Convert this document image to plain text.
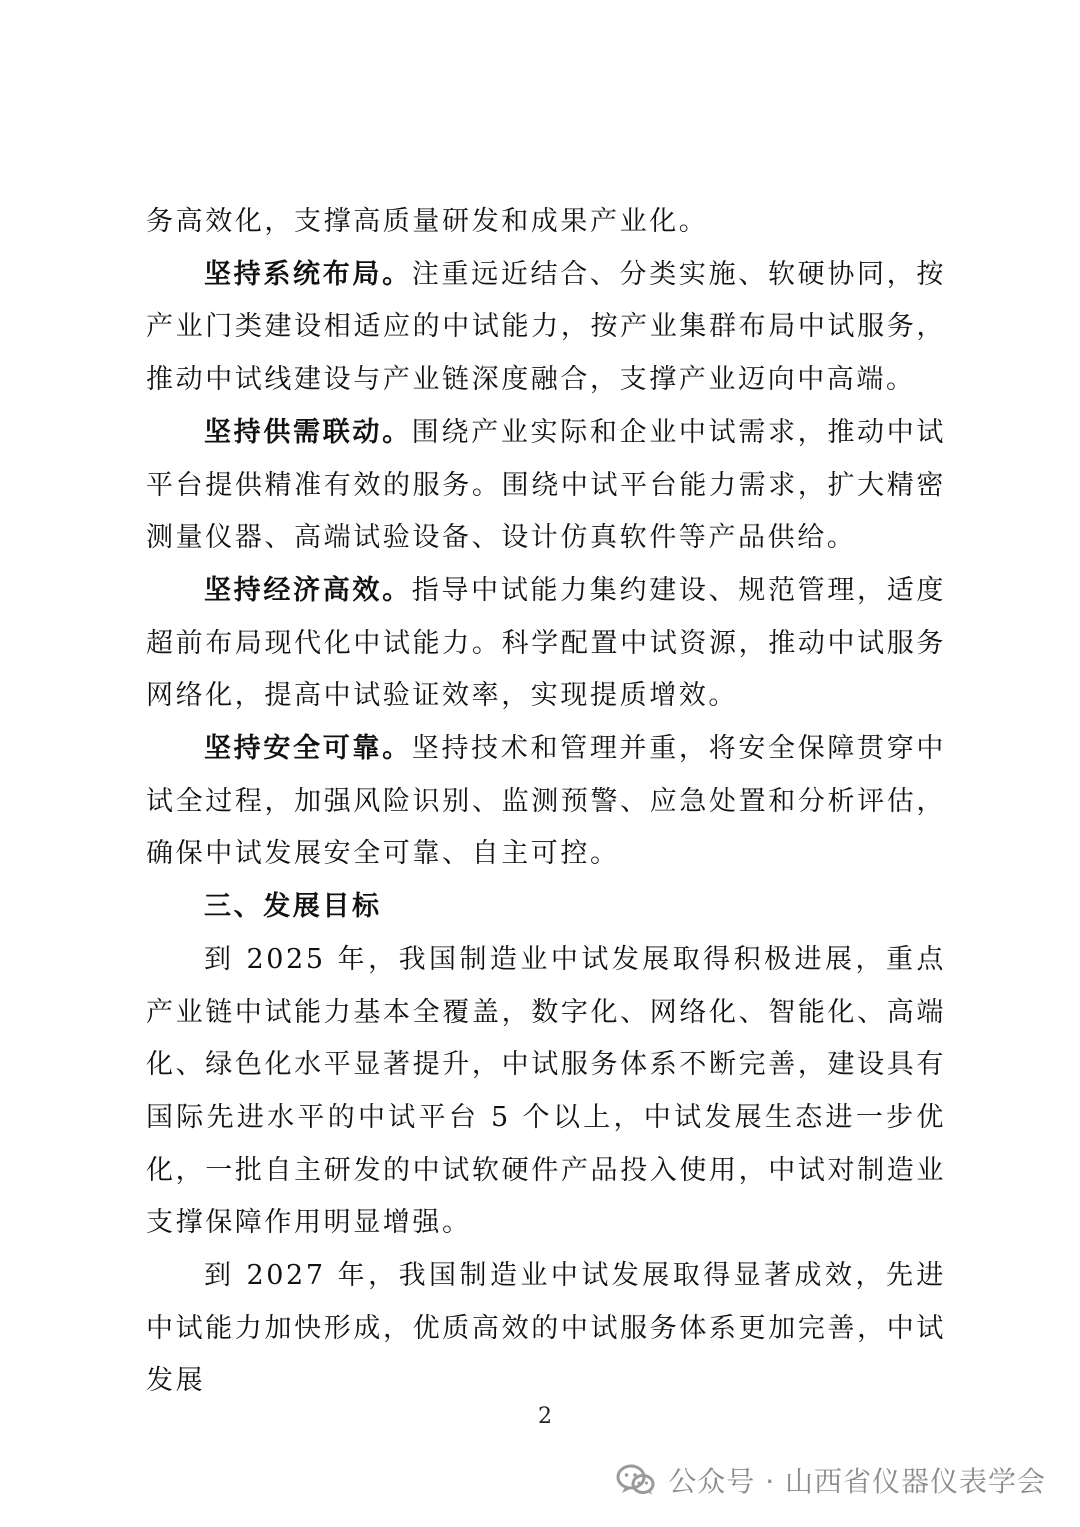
务高效化，支撑高质量研发和成果产业化。

坚持系统布局。注重远近结合、分类实施、软硬协同，按产业门类建设相适应的中试能力，按产业集群布局中试服务，推动中试线建设与产业链深度融合，支撑产业迈向中高端。

坚持供需联动。围绕产业实际和企业中试需求，推动中试平台提供精准有效的服务。围绕中试平台能力需求，扩大精密测量仪器、高端试验设备、设计仿真软件等产品供给。

坚持经济高效。指导中试能力集约建设、规范管理，适度超前布局现代化中试能力。科学配置中试资源，推动中试服务网络化，提高中试验证效率，实现提质增效。

坚持安全可靠。坚持技术和管理并重，将安全保障贯穿中试全过程，加强风险识别、监测预警、应急处置和分析评估，确保中试发展安全可靠、自主可控。

三、发展目标

到 2025 年，我国制造业中试发展取得积极进展，重点产业链中试能力基本全覆盖，数字化、网络化、智能化、高端化、绿色化水平显著提升，中试服务体系不断完善，建设具有国际先进水平的中试平台 5 个以上，中试发展生态进一步优化，一批自主研发的中试软硬件产品投入使用，中试对制造业支撑保障作用明显增强。

到 2027 年，我国制造业中试发展取得显著成效，先进中试能力加快形成，优质高效的中试服务体系更加完善，中试发展

2
公众号 · 山西省仪器仪表学会
